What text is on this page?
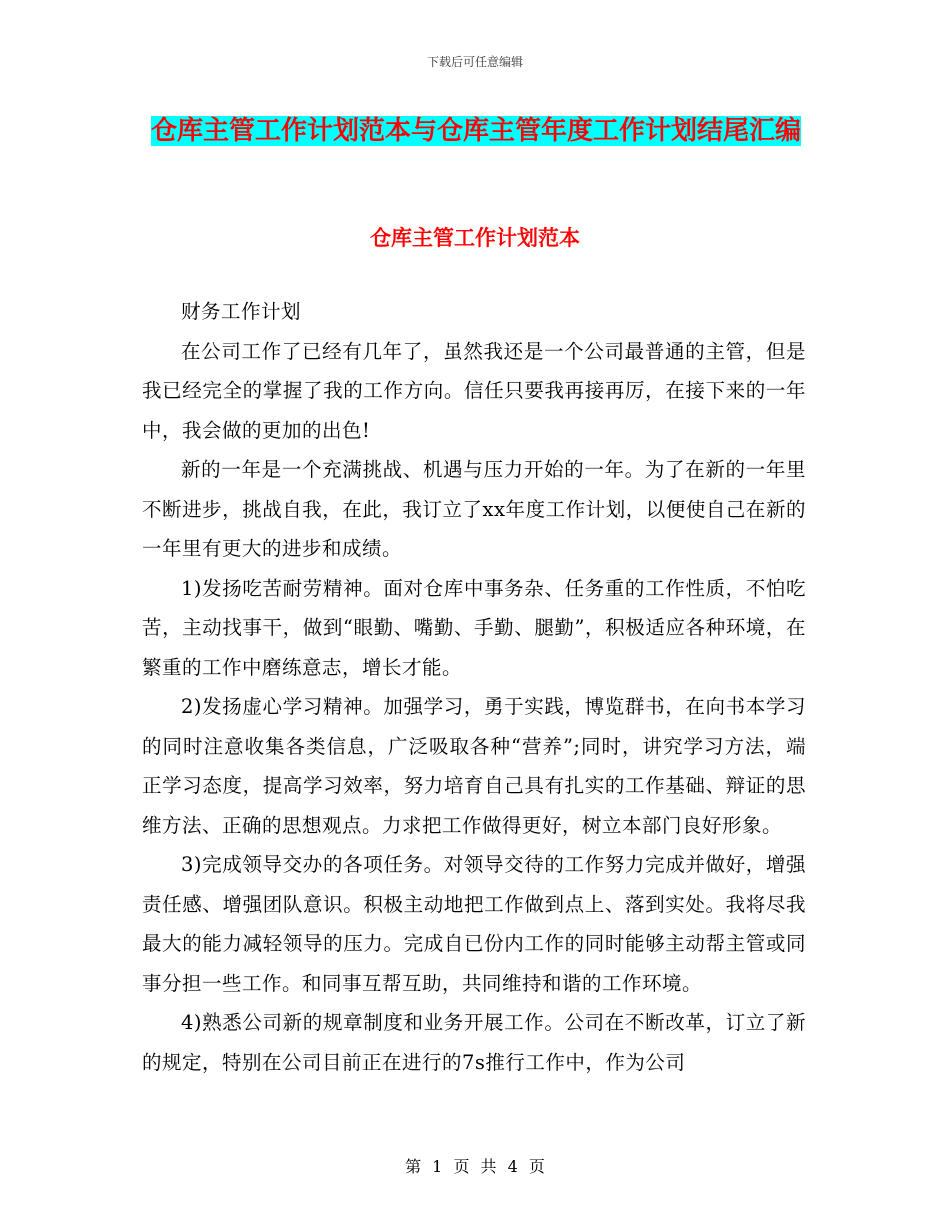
下载后可任意编辑
仓库主管工作计划范本与仓库主管年度工作计划结尾汇编
仓库主管工作计划范本

财务工作计划

在公司工作了已经有几年了，虽然我还是一个公司最普通的主管，但是我已经完全的掌握了我的工作方向。信任只要我再接再厉，在接下来的一年中，我会做的更加的出色!

新的一年是一个充满挑战、机遇与压力开始的一年。为了在新的一年里不断进步，挑战自我，在此，我订立了xx年度工作计划，以便使自己在新的一年里有更大的进步和成绩。

1)发扬吃苦耐劳精神。面对仓库中事务杂、任务重的工作性质，不怕吃苦，主动找事干，做到“眼勤、嘴勤、手勤、腿勤”，积极适应各种环境，在繁重的工作中磨练意志，增长才能。

2)发扬虚心学习精神。加强学习，勇于实践，博览群书，在向书本学习的同时注意收集各类信息，广泛吸取各种“营养”;同时，讲究学习方法，端正学习态度，提高学习效率，努力培育自己具有扎实的工作基础、辩证的思维方法、正确的思想观点。力求把工作做得更好，树立本部门良好形象。

3)完成领导交办的各项任务。对领导交待的工作努力完成并做好，增强责任感、增强团队意识。积极主动地把工作做到点上、落到实处。我将尽我最大的能力减轻领导的压力。完成自已份内工作的同时能够主动帮主管或同事分担一些工作。和同事互帮互助，共同维持和谐的工作环境。

4)熟悉公司新的规章制度和业务开展工作。公司在不断改革，订立了新的规定，特别在公司目前正在进行的7s推行工作中，作为公司

第 1 页 共 4 页
